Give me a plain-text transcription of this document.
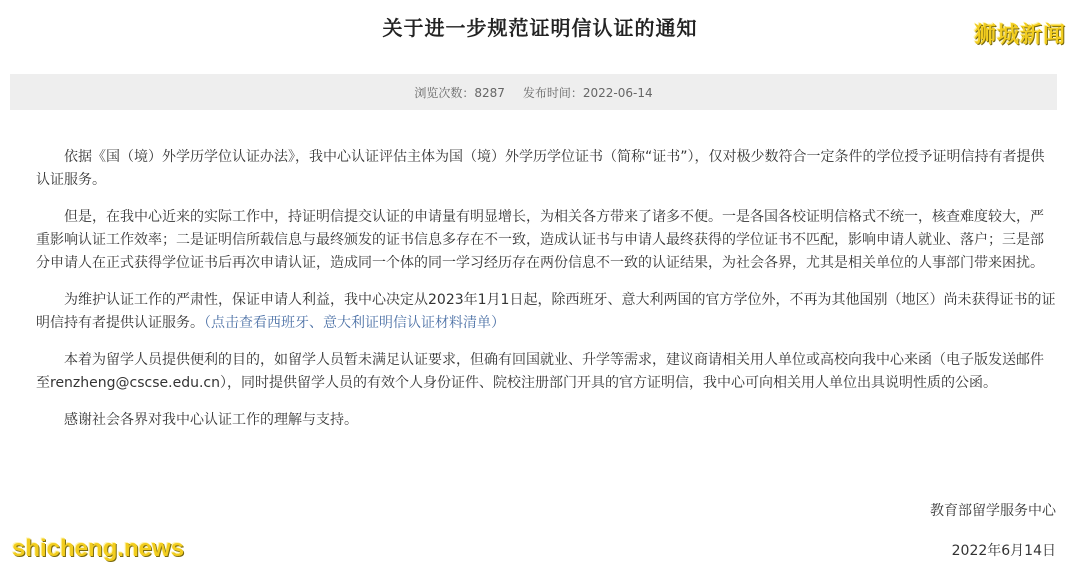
关于进一步规范证明信认证的通知	狮城新闻
浏览次数：8287 发布时间：2022-06-14

依据《国（境）外学历学位认证办法》，我中心认证评估主体为国（境）外学历学位证书（简称“证书”），仅对极少数符合一定条件的学位授予证明信持有者提供认证服务。

但是，在我中心近来的实际工作中，持证明信提交认证的申请量有明显增长，为相关各方带来了诸多不便。一是各国各校证明信格式不统一，核查难度较大，严重影响认证工作效率；二是证明信所载信息与最终颁发的证书信息多存在不一致，造成认证书与申请人最终获得的学位证书不匹配，影响申请人就业、落户；三是部分申请人在正式获得学位证书后再次申请认证，造成同一个体的同一学习经历存在两份信息不一致的认证结果，为社会各界，尤其是相关单位的人事部门带来困扰。

为维护认证工作的严肃性，保证申请人利益，我中心决定从2023年1月1日起，除西班牙、意大利两国的官方学位外，不再为其他国别（地区）尚未获得证书的证明信持有者提供认证服务。（点击查看西班牙、意大利证明信认证材料清单）

本着为留学人员提供便利的目的，如留学人员暂未满足认证要求，但确有回国就业、升学等需求，建议商请相关用人单位或高校向我中心来函（电子版发送邮件至renzheng@cscse.edu.cn），同时提供留学人员的有效个人身份证件、院校注册部门开具的官方证明信，我中心可向相关用人单位出具说明性质的公函。

感谢社会各界对我中心认证工作的理解与支持。

教育部留学服务中心
2022年6月14日
shicheng.news
